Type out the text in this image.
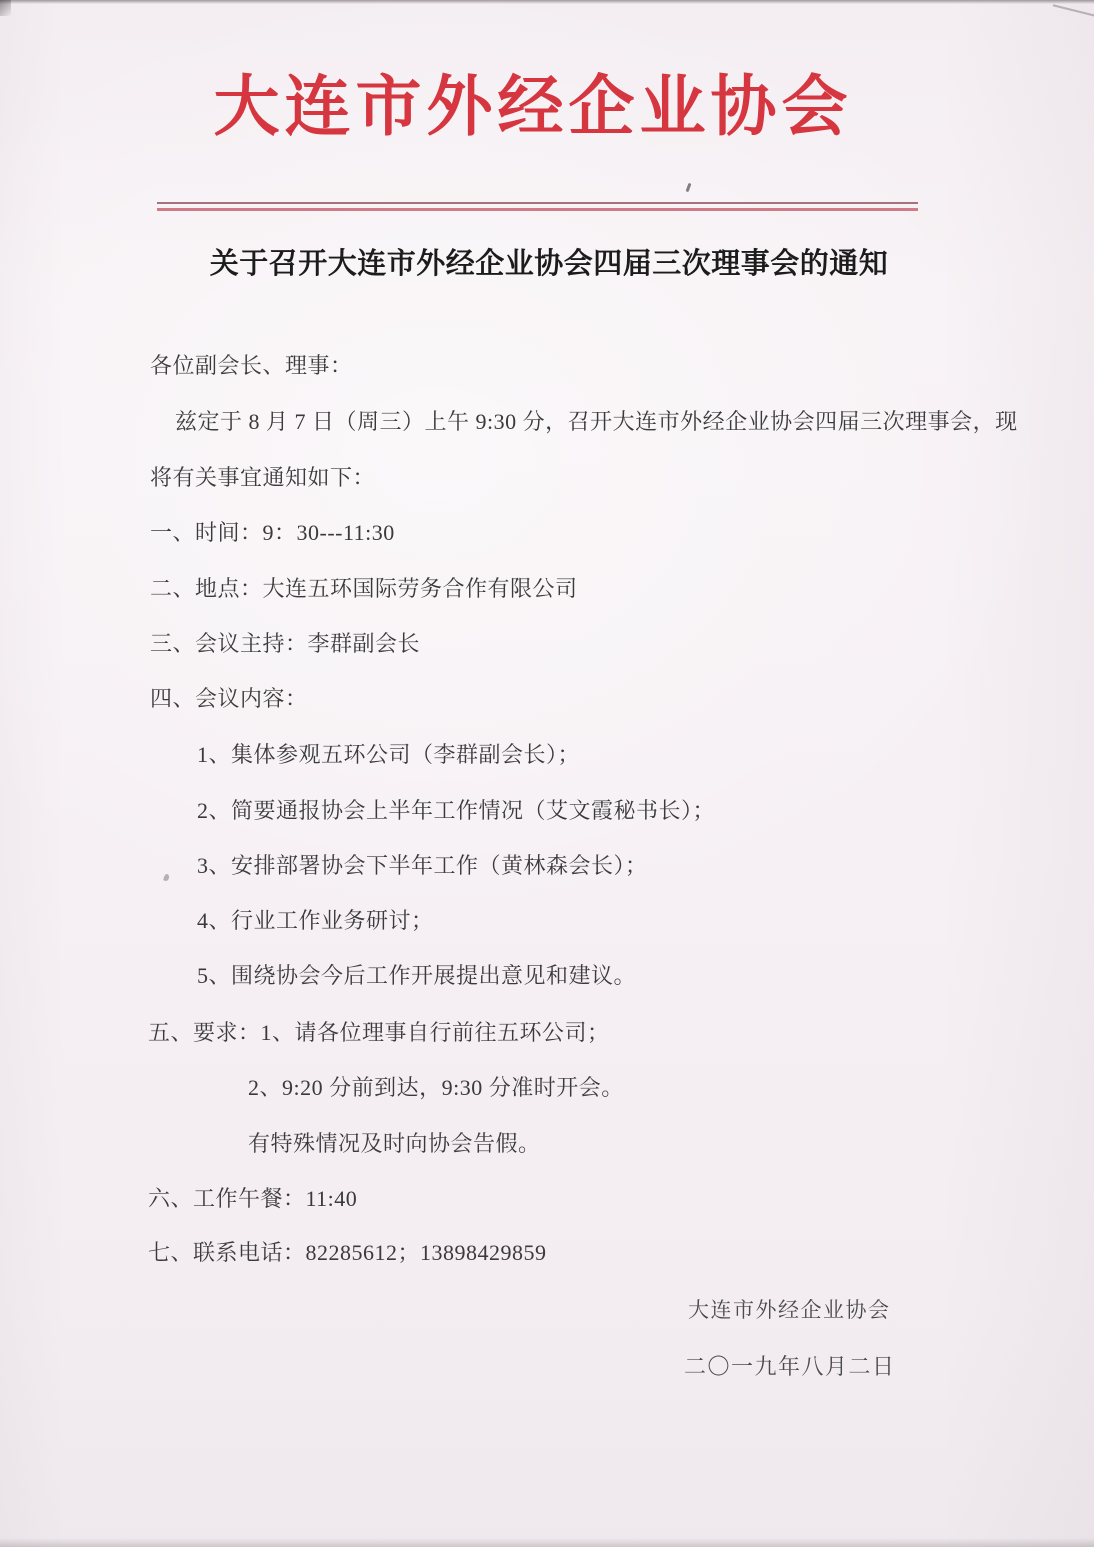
大连市外经企业协会
关于召开大连市外经企业协会四届三次理事会的通知
各位副会长、理事：
兹定于 8 月 7 日（周三）上午 9:30 分，召开大连市外经企业协会四届三次理事会，现
将有关事宜通知如下：
一、时间：9：30---11:30
二、地点：大连五环国际劳务合作有限公司
三、会议主持：李群副会长
四、会议内容：
1、集体参观五环公司（李群副会长）；
2、简要通报协会上半年工作情况（艾文霞秘书长）；
3、安排部署协会下半年工作（黄林森会长）；
4、行业工作业务研讨；
5、围绕协会今后工作开展提出意见和建议。
五、要求：1、请各位理事自行前往五环公司；
2、9:20 分前到达，9:30 分准时开会。
有特殊情况及时向协会告假。
六、工作午餐：11:40
七、联系电话：82285612；13898429859
大连市外经企业协会
二〇一九年八月二日
